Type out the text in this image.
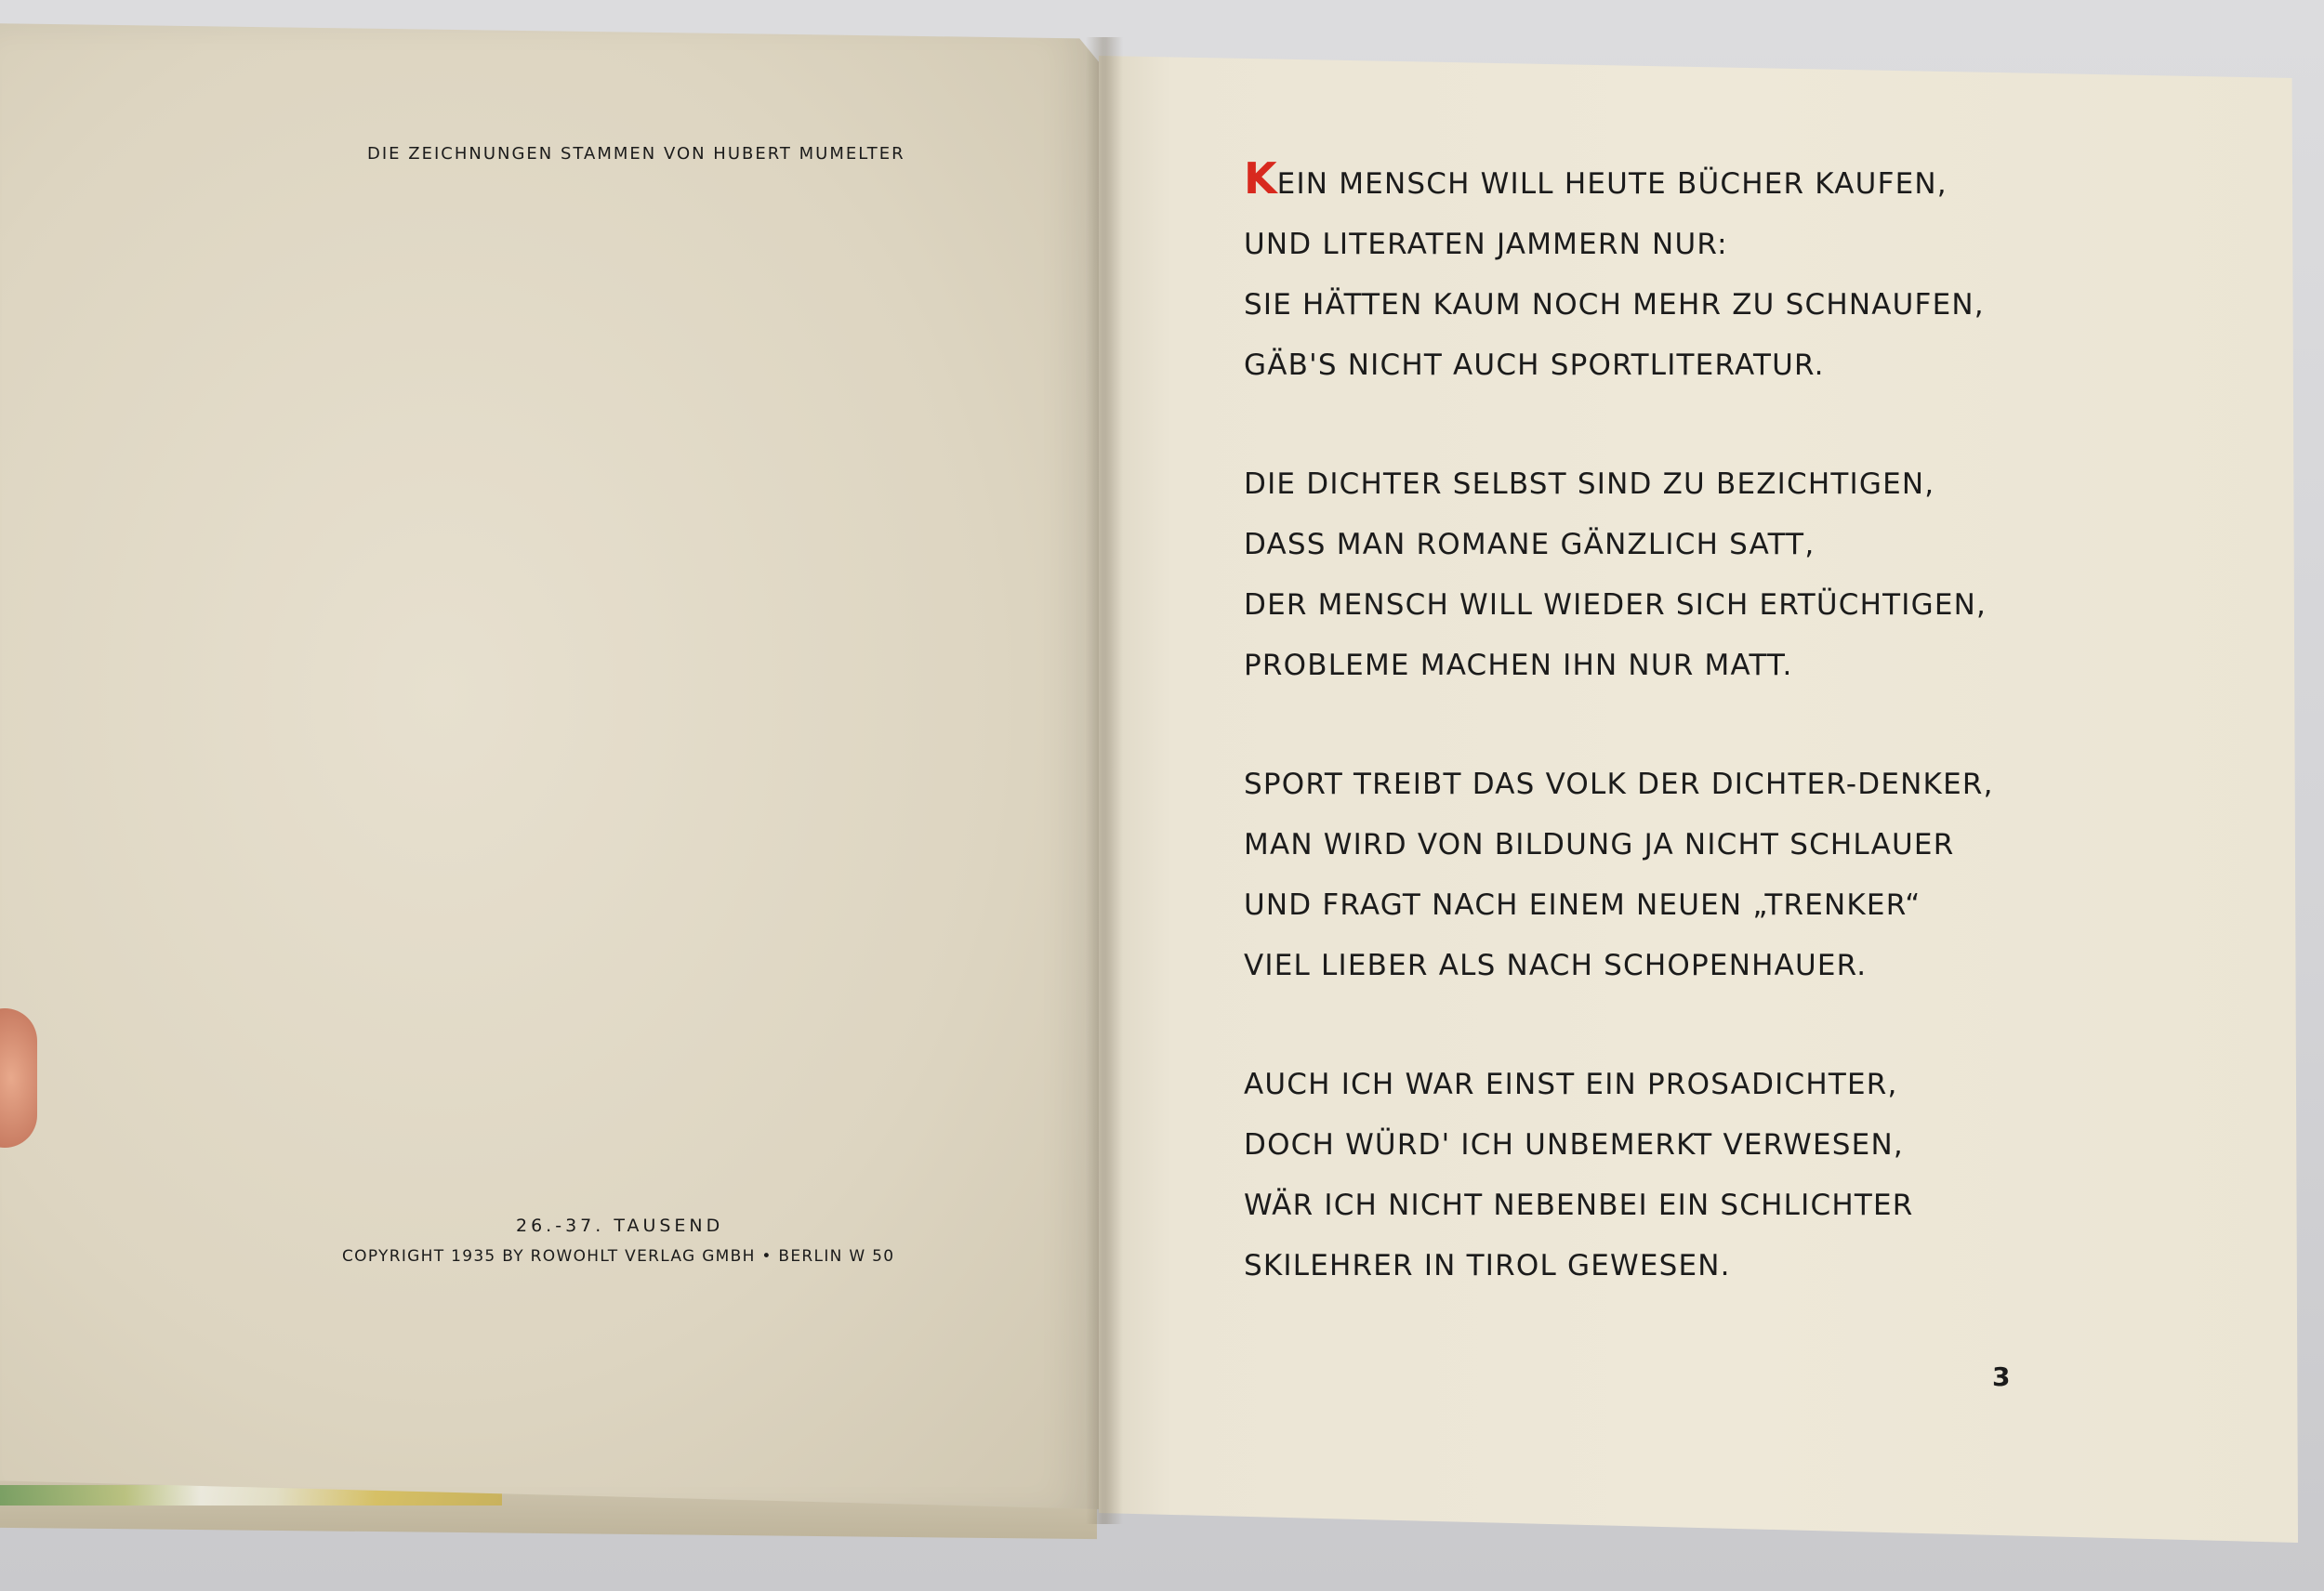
DIE ZEICHNUNGEN STAMMEN VON HUBERT MUMELTER
26.-37. TAUSEND
COPYRIGHT 1935 BY ROWOHLT VERLAG GMBH • BERLIN W 50
KEIN MENSCH WILL HEUTE BÜCHER KAUFEN,
UND LITERATEN JAMMERN NUR:
SIE HÄTTEN KAUM NOCH MEHR ZU SCHNAUFEN,
GÄB'S NICHT AUCH SPORTLITERATUR.
DIE DICHTER SELBST SIND ZU BEZICHTIGEN,
DASS MAN ROMANE GÄNZLICH SATT,
DER MENSCH WILL WIEDER SICH ERTÜCHTIGEN,
PROBLEME MACHEN IHN NUR MATT.
SPORT TREIBT DAS VOLK DER DICHTER-DENKER,
MAN WIRD VON BILDUNG JA NICHT SCHLAUER
UND FRAGT NACH EINEM NEUEN „TRENKER“
VIEL LIEBER ALS NACH SCHOPENHAUER.
AUCH ICH WAR EINST EIN PROSADICHTER,
DOCH WÜRD' ICH UNBEMERKT VERWESEN,
WÄR ICH NICHT NEBENBEI EIN SCHLICHTER
SKILEHRER IN TIROL GEWESEN.
3
